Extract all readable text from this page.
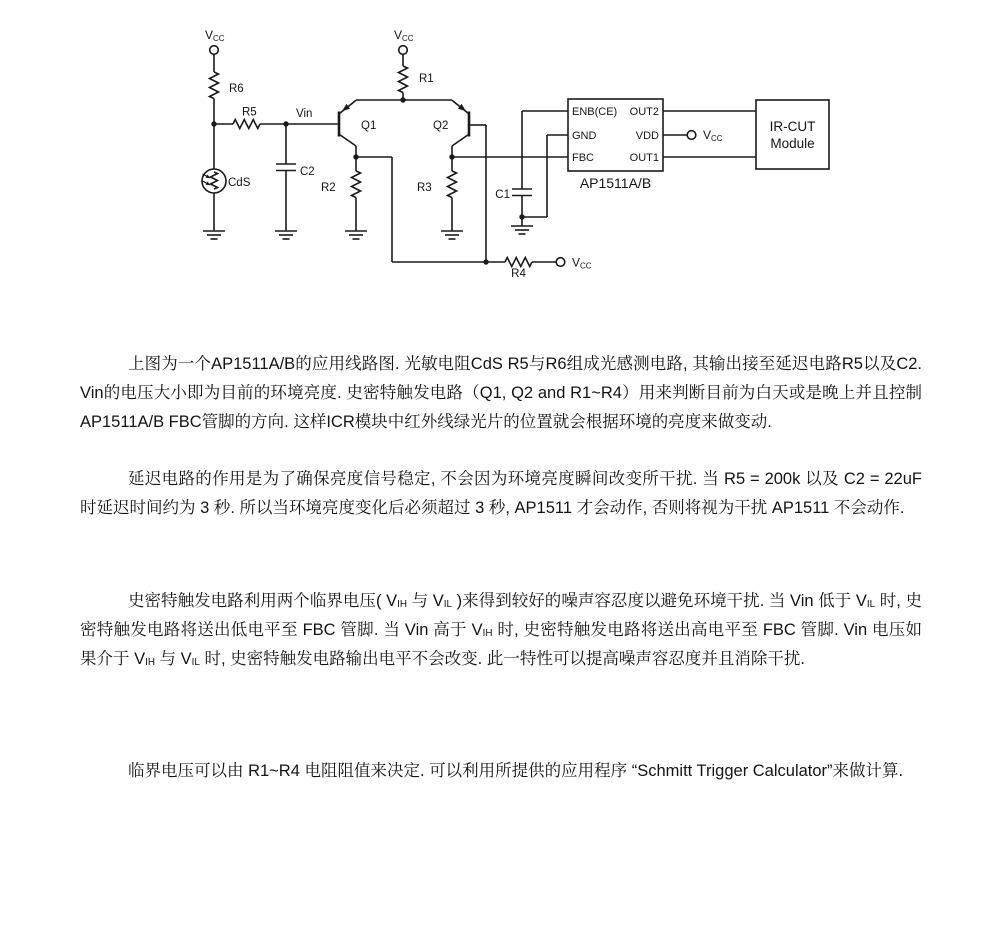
VCC	VCC
VCC
VCC
R6
R5	Vin
CdS
C2
R1
Q1	Q2
R2	R3
C1
R4
ENB(CE)
GND
FBC
OUT2
VDD
OUT1
AP1511A/B
IR-CUT
Module

上图为一个AP1511A/B的应用线路图. 光敏电阻CdS R5与R6组成光感测电路, 其输出接至延迟电路R5以及C2. Vin的电压大小即为目前的环境亮度. 史密特触发电路（Q1, Q2 and R1~R4）用来判断目前为白天或是晚上并且控制AP1511A/B FBC管脚的方向. 这样ICR模块中红外线绿光片的位置就会根据环境的亮度来做变动.

延迟电路的作用是为了确保亮度信号稳定, 不会因为环境亮度瞬间改变所干扰. 当 R5 = 200k 以及 C2 = 22uF 时延迟时间约为 3 秒. 所以当环境亮度变化后必须超过 3 秒, AP1511 才会动作, 否则将视为干扰 AP1511 不会动作.

史密特触发电路利用两个临界电压( $V_{IH}$ 与 $V_{IL}$ )来得到较好的噪声容忍度以避免环境干扰. 当 Vin 低于 $V_{IL}$ 时, 史密特触发电路将送出低电平至 FBC 管脚. 当 Vin 高于 $V_{IH}$ 时, 史密特触发电路将送出高电平至 FBC 管脚. Vin 电压如果介于 $V_{IH}$ 与 $V_{IL}$ 时, 史密特触发电路输出电平不会改变. 此一特性可以提高噪声容忍度并且消除干扰.

临界电压可以由 R1~R4 电阻阻值来决定. 可以利用所提供的应用程序 “Schmitt Trigger Calculator”来做计算.
